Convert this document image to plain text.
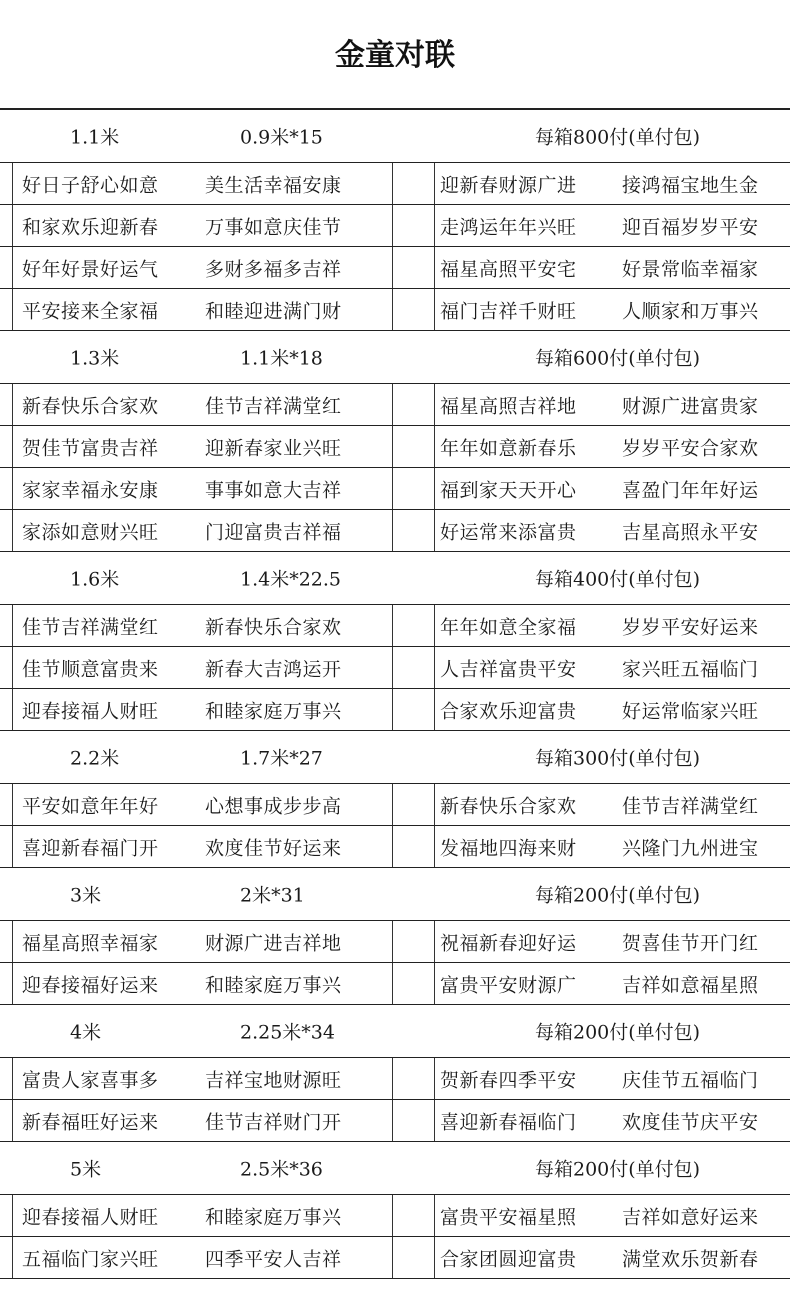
金童对联
1.1米	0.9米*15	每箱800付(单付包)
好日子舒心如意 美生活幸福安康	迎新春财源广进 接鸿福宝地生金
和家欢乐迎新春 万事如意庆佳节	走鸿运年年兴旺 迎百福岁岁平安
好年好景好运气 多财多福多吉祥	福星高照平安宅 好景常临幸福家
平安接来全家福 和睦迎进满门财	福门吉祥千财旺 人顺家和万事兴
1.3米	1.1米*18	每箱600付(单付包)
新春快乐合家欢 佳节吉祥满堂红	福星高照吉祥地 财源广进富贵家
贺佳节富贵吉祥 迎新春家业兴旺	年年如意新春乐 岁岁平安合家欢
家家幸福永安康 事事如意大吉祥	福到家天天开心 喜盈门年年好运
家添如意财兴旺 门迎富贵吉祥福	好运常来添富贵 吉星高照永平安
1.6米	1.4米*22.5	每箱400付(单付包)
佳节吉祥满堂红 新春快乐合家欢	年年如意全家福 岁岁平安好运来
佳节顺意富贵来 新春大吉鸿运开	人吉祥富贵平安 家兴旺五福临门
迎春接福人财旺 和睦家庭万事兴	合家欢乐迎富贵 好运常临家兴旺
2.2米	1.7米*27	每箱300付(单付包)
平安如意年年好 心想事成步步高	新春快乐合家欢 佳节吉祥满堂红
喜迎新春福门开 欢度佳节好运来	发福地四海来财 兴隆门九州进宝
3米	2米*31	每箱200付(单付包)
福星高照幸福家 财源广进吉祥地	祝福新春迎好运 贺喜佳节开门红
迎春接福好运来 和睦家庭万事兴	富贵平安财源广 吉祥如意福星照
4米	2.25米*34	每箱200付(单付包)
富贵人家喜事多 吉祥宝地财源旺	贺新春四季平安 庆佳节五福临门
新春福旺好运来 佳节吉祥财门开	喜迎新春福临门 欢度佳节庆平安
5米	2.5米*36	每箱200付(单付包)
迎春接福人财旺 和睦家庭万事兴	富贵平安福星照 吉祥如意好运来
五福临门家兴旺 四季平安人吉祥	合家团圆迎富贵 满堂欢乐贺新春
